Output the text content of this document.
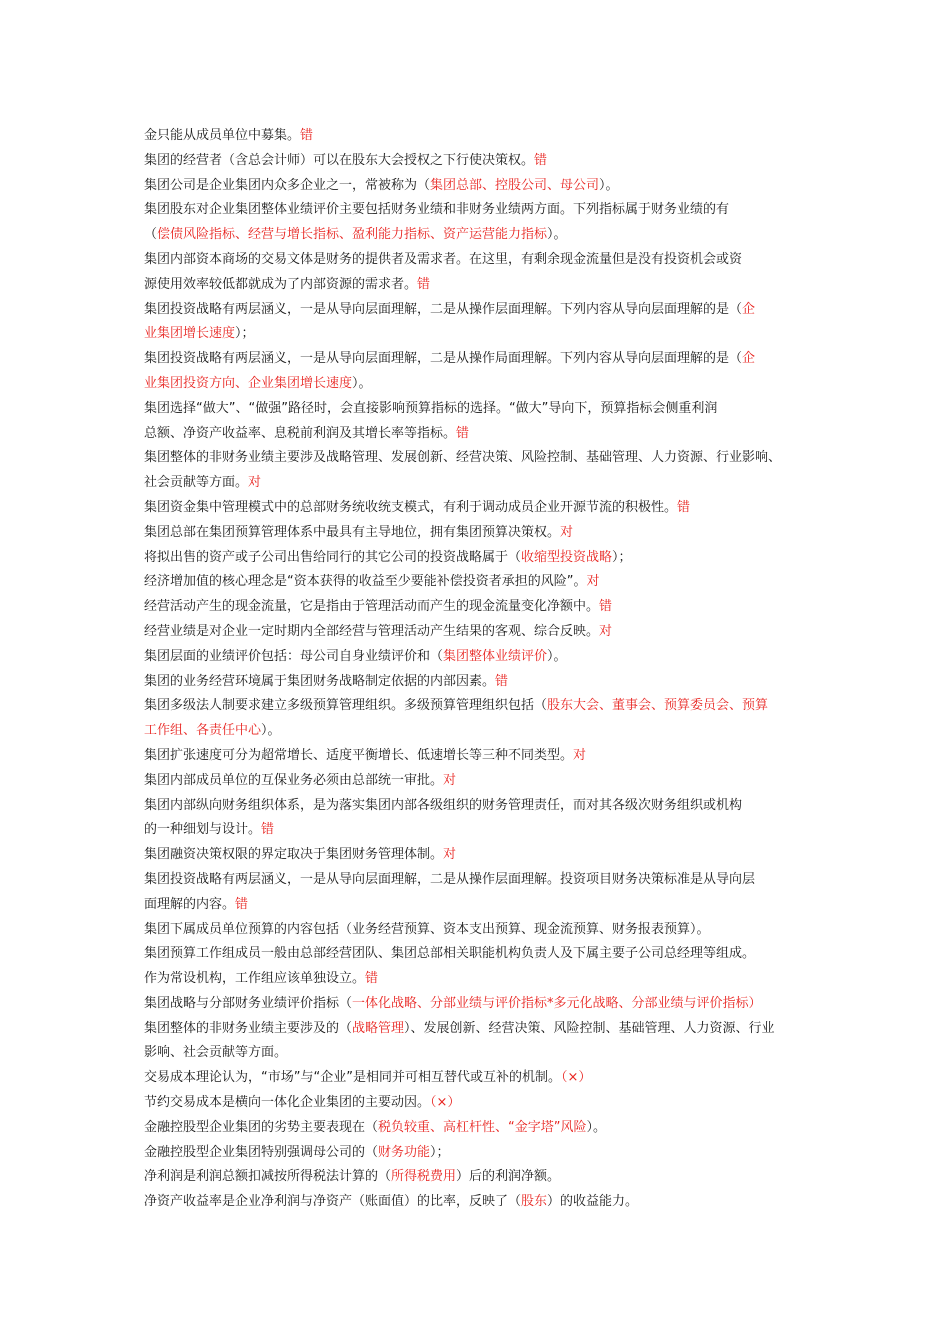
金只能从成员单位中募集。错
集团的经营者（含总会计师）可以在股东大会授权之下行使决策权。错
集团公司是企业集团内众多企业之一，常被称为（集团总部、控股公司、母公司）。
集团股东对企业集团整体业绩评价主要包括财务业绩和非财务业绩两方面。下列指标属于财务业绩的有
（偿债风险指标、经营与增长指标、盈利能力指标、资产运营能力指标）。
集团内部资本商场的交易文体是财务的提供者及需求者。在这里，有剩余现金流量但是没有投资机会或资
源使用效率较低都就成为了内部资源的需求者。错
集团投资战略有两层涵义，一是从导向层面理解，二是从操作层面理解。下列内容从导向层面理解的是（企
业集团增长速度）；
集团投资战略有两层涵义，一是从导向层面理解，二是从操作局面理解。下列内容从导向层面理解的是（企
业集团投资方向、企业集团增长速度）。
集团选择“做大”、“做强”路径时，会直接影响预算指标的选择。“做大”导向下，预算指标会侧重利润
总额、净资产收益率、息税前利润及其增长率等指标。错
集团整体的非财务业绩主要涉及战略管理、发展创新、经营决策、风险控制、基础管理、人力资源、行业影响、
社会贡献等方面。对
集团资金集中管理模式中的总部财务统收统支模式，有利于调动成员企业开源节流的积极性。错
集团总部在集团预算管理体系中最具有主导地位，拥有集团预算决策权。对
将拟出售的资产或子公司出售给同行的其它公司的投资战略属于（收缩型投资战略）；
经济增加值的核心理念是“资本获得的收益至少要能补偿投资者承担的风险”。对
经营活动产生的现金流量，它是指由于管理活动而产生的现金流量变化净额中。错
经营业绩是对企业一定时期内全部经营与管理活动产生结果的客观、综合反映。对
集团层面的业绩评价包括：母公司自身业绩评价和（集团整体业绩评价）。
集团的业务经营环境属于集团财务战略制定依据的内部因素。错
集团多级法人制要求建立多级预算管理组织。多级预算管理组织包括（股东大会、董事会、预算委员会、预算
工作组、各责任中心）。
集团扩张速度可分为超常增长、适度平衡增长、低速增长等三种不同类型。对
集团内部成员单位的互保业务必须由总部统一审批。对
集团内部纵向财务组织体系，是为落实集团内部各级组织的财务管理责任，而对其各级次财务组织或机构
的一种细划与设计。错
集团融资决策权限的界定取决于集团财务管理体制。对
集团投资战略有两层涵义，一是从导向层面理解，二是从操作层面理解。投资项目财务决策标准是从导向层
面理解的内容。错
集团下属成员单位预算的内容包括（业务经营预算、资本支出预算、现金流预算、财务报表预算）。
集团预算工作组成员一般由总部经营团队、集团总部相关职能机构负责人及下属主要子公司总经理等组成。
作为常设机构，工作组应该单独设立。错
集团战略与分部财务业绩评价指标（一体化战略、分部业绩与评价指标*多元化战略、分部业绩与评价指标）
集团整体的非财务业绩主要涉及的（战略管理）、发展创新、经营决策、风险控制、基础管理、人力资源、行业
影响、社会贡献等方面。
交易成本理论认为，“市场”与“企业”是相同并可相互替代或互补的机制。（×）
节约交易成本是横向一体化企业集团的主要动因。（×）
金融控股型企业集团的劣势主要表现在（税负较重、高杠杆性、“金字塔”风险）。
金融控股型企业集团特别强调母公司的（财务功能）；
净利润是利润总额扣减按所得税法计算的（所得税费用）后的利润净额。
净资产收益率是企业净利润与净资产（账面值）的比率，反映了（股东）的收益能力。
